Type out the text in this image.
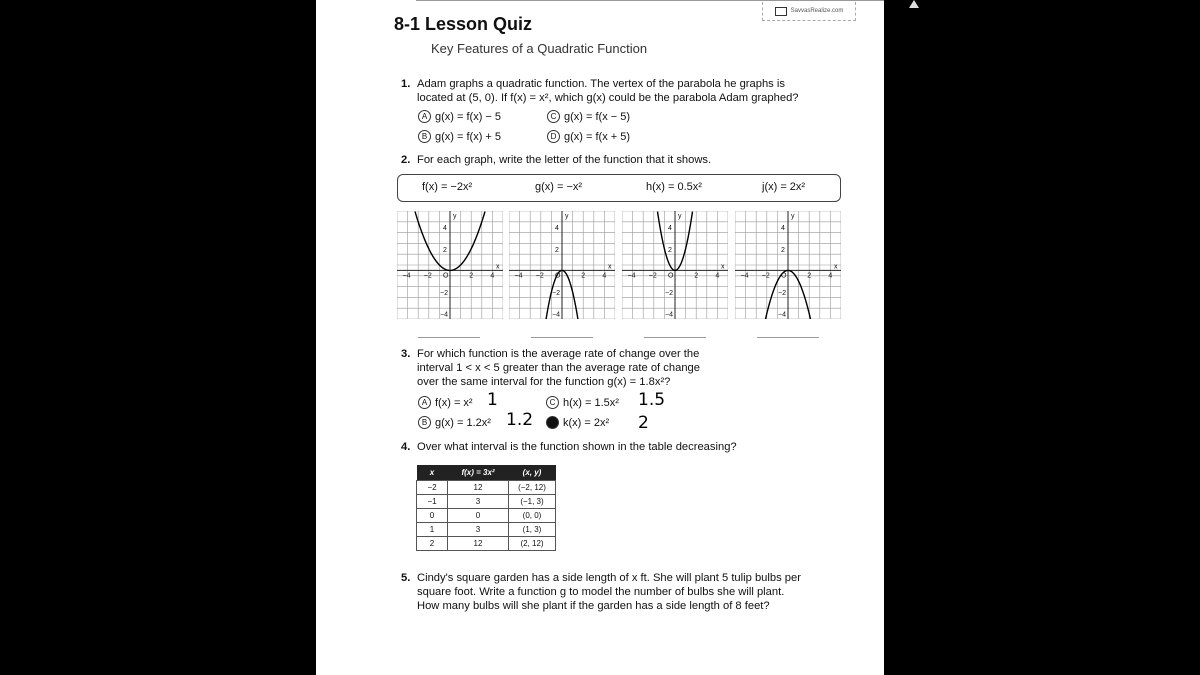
SavvasRealize.com
8-1 Lesson Quiz
Key Features of a Quadratic Function
1. Adam graphs a quadratic function. The vertex of the parabola he graphs is
located at (5, 0). If f(x) = x², which g(x) could be the parabola Adam graphed?
A g(x) = f(x) − 5
B g(x) = f(x) + 5
C g(x) = f(x − 5)
D g(x) = f(x + 5)
2. For each graph, write the letter of the function that it shows.
f(x) = −2x²	g(x) = −x²	h(x) = 0.5x²	j(x) = 2x²
−4 −2 O	2 4
x
y
4
2
−2
−4
−4 −2 O	2 4
x
y
4
2
−2
−4
−4 −2 O	2 4
x
y
4
2
−2
−4
−4 −2 O	2 4
x
y
4
2
−2
−4
3. For which function is the average rate of change over the
interval 1 < x < 5 greater than the average rate of change
over the same interval for the function g(x) = 1.8x²?
A f(x) = x² 1
B g(x) = 1.2x² 1.2
C h(x) = 1.5x² 1.5
D k(x) = 2x² 2
4. Over what interval is the function shown in the table decreasing?
x	f(x) = 3x²	(x, y)
−2	12	(−2, 12)
−1	3	(−1, 3)
0	0	(0, 0)
1	3	(1, 3)
2	12	(2, 12)
5. Cindy's square garden has a side length of x ft. She will plant 5 tulip bulbs per
square foot. Write a function g to model the number of bulbs she will plant.
How many bulbs will she plant if the garden has a side length of 8 feet?
